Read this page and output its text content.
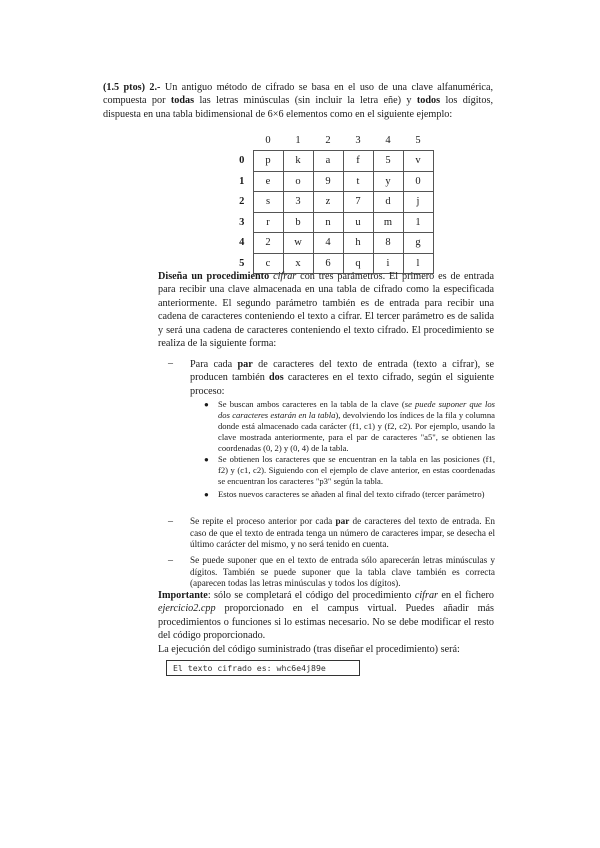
(1.5 ptos) 2.- Un antiguo método de cifrado se basa en el uso de una clave alfanumérica, compuesta por todas las letras minúsculas (sin incluir la letra eñe) y todos los dígitos, dispuesta en una tabla bidimensional de 6×6 elementos como en el siguiente ejemplo:
	0	1	2	3	4	5
0	p	k	a	f	5	v
1	e	o	9	t	y	0
2	s	3	z	7	d	j
3	r	b	n	u	m	1
4	2	w	4	h	8	g
5	c	x	6	q	i	l
Diseña un procedimiento cifrar con tres parámetros. El primero es de entrada para recibir una clave almacenada en una tabla de cifrado como la especificada anteriormente. El segundo parámetro también es de entrada para recibir una cadena de caracteres conteniendo el texto a cifrar. El tercer parámetro es de salida y será una cadena de caracteres conteniendo el texto cifrado. El procedimiento se realiza de la siguiente forma:
– Para cada par de caracteres del texto de entrada (texto a cifrar), se producen también dos caracteres en el texto cifrado, según el siguiente proceso:
● Se buscan ambos caracteres en la tabla de la clave (se puede suponer que los dos caracteres estarán en la tabla), devolviendo los índices de la fila y columna donde está almacenado cada carácter (f1, c1) y (f2, c2). Por ejemplo, usando la clave mostrada anteriormente, para el par de caracteres "a5", se obtienen las coordenadas (0, 2) y (0, 4) de la tabla.
● Se obtienen los caracteres que se encuentran en la tabla en las posiciones (f1, f2) y (c1, c2). Siguiendo con el ejemplo de clave anterior, en estas coordenadas se encuentran los caracteres "p3" según la tabla.
● Estos nuevos caracteres se añaden al final del texto cifrado (tercer parámetro)
– Se repite el proceso anterior por cada par de caracteres del texto de entrada. En caso de que el texto de entrada tenga un número de caracteres impar, se desecha el último carácter del mismo, y no será tenido en cuenta.
– Se puede suponer que en el texto de entrada sólo aparecerán letras minúsculas y dígitos. También se puede suponer que la tabla clave también es correcta (aparecen todas las letras minúsculas y todos los dígitos).
Importante: sólo se completará el código del procedimiento cifrar en el fichero ejercicio2.cpp proporcionado en el campus virtual. Puedes añadir más procedimientos o funciones si lo estimas necesario. No se debe modificar el resto del código proporcionado.
La ejecución del código suministrado (tras diseñar el procedimiento) será:
El texto cifrado es: whc6e4j89e
